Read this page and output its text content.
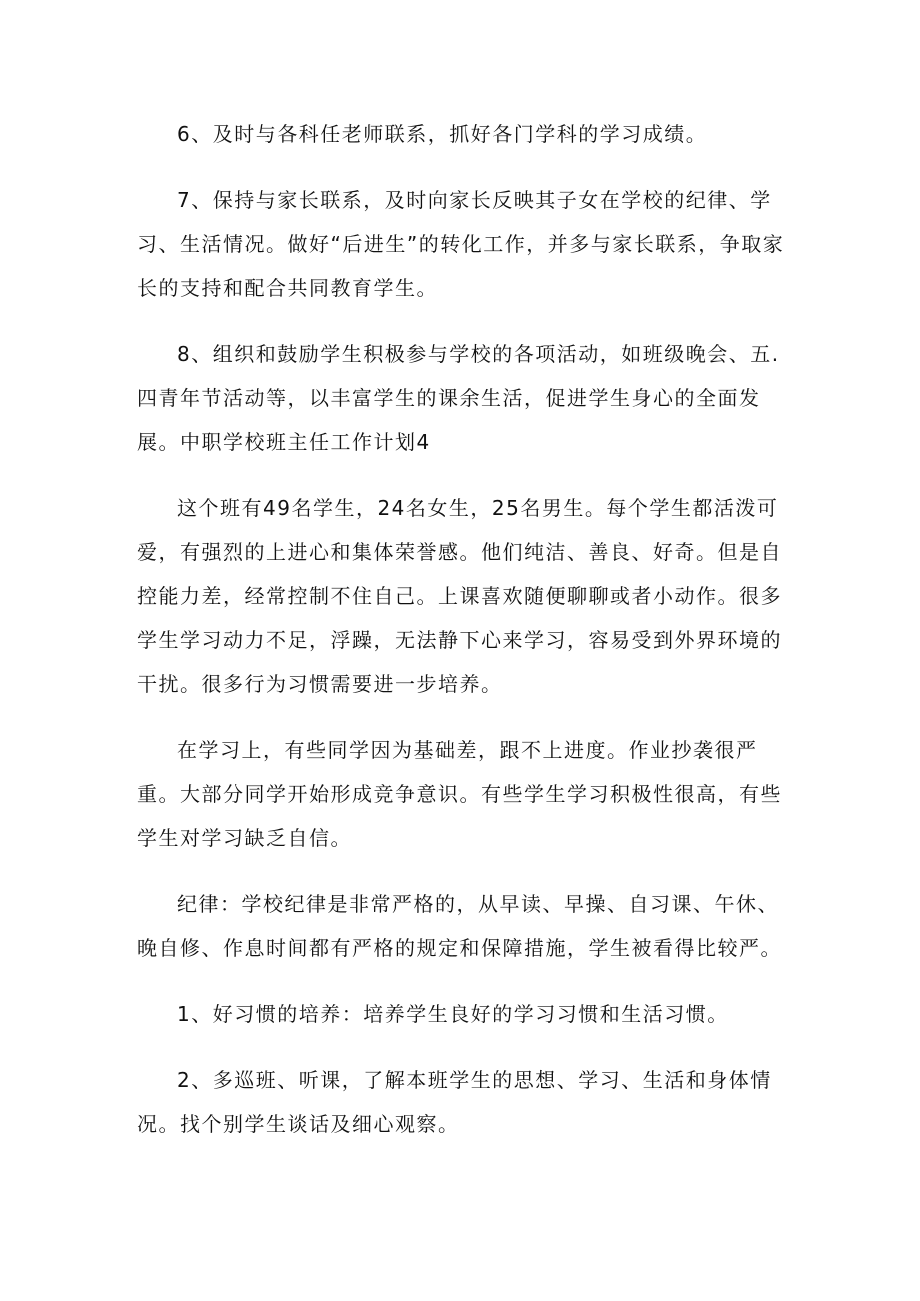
6、及时与各科任老师联系，抓好各门学科的学习成绩。

7、保持与家长联系，及时向家长反映其子女在学校的纪律、学习、生活情况。做好“后进生”的转化工作，并多与家长联系，争取家长的支持和配合共同教育学生。

8、组织和鼓励学生积极参与学校的各项活动，如班级晚会、五.四青年节活动等，以丰富学生的课余生活，促进学生身心的全面发展。中职学校班主任工作计划4

这个班有49名学生，24名女生，25名男生。每个学生都活泼可爱，有强烈的上进心和集体荣誉感。他们纯洁、善良、好奇。但是自控能力差，经常控制不住自己。上课喜欢随便聊聊或者小动作。很多学生学习动力不足，浮躁，无法静下心来学习，容易受到外界环境的干扰。很多行为习惯需要进一步培养。

在学习上，有些同学因为基础差，跟不上进度。作业抄袭很严重。大部分同学开始形成竞争意识。有些学生学习积极性很高，有些学生对学习缺乏自信。

纪律：学校纪律是非常严格的，从早读、早操、自习课、午休、晚自修、作息时间都有严格的规定和保障措施，学生被看得比较严。

1、好习惯的培养：培养学生良好的学习习惯和生活习惯。

2、多巡班、听课，了解本班学生的思想、学习、生活和身体情况。找个别学生谈话及细心观察。
